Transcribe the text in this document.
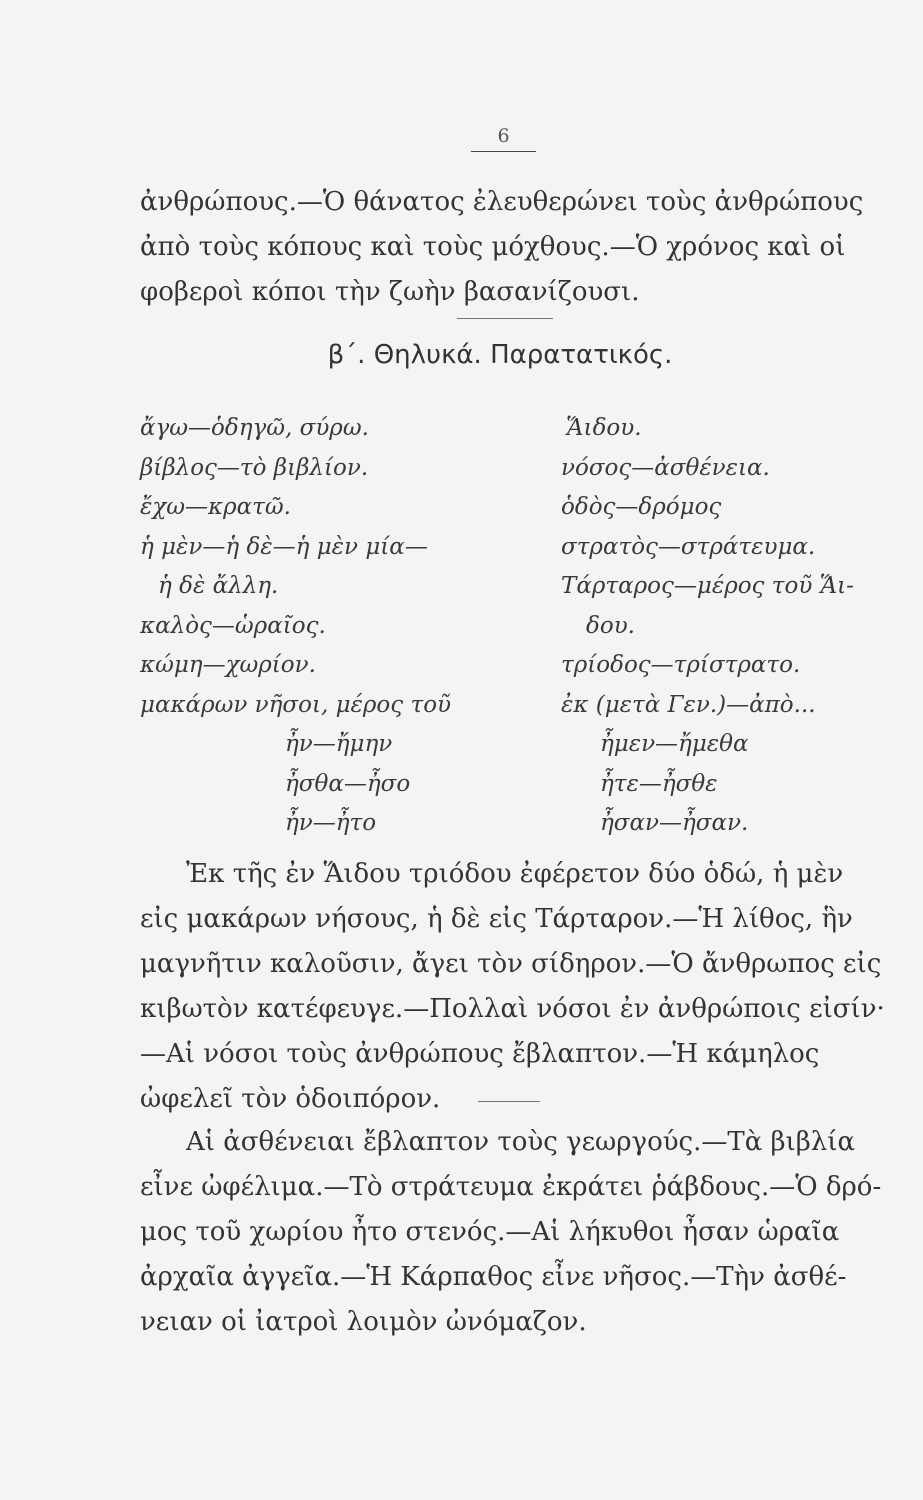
6
ἀνθρώπους.—Ὁ θάνατος ἐλευθερώνει τοὺς ἀνθρώπους
ἀπὸ τοὺς κόπους καὶ τοὺς μόχθους.—Ὁ χρόνος καὶ οἱ
φοβεροὶ κόποι τὴν ζωὴν βασανίζουσι.
β΄. Θηλυκά. Παρατατικός.
ἄγω—ὁδηγῶ, σύρω.
βίβλος—τὸ βιβλίον.
ἔχω—κρατῶ.
ἡ μὲν—ἡ δὲ—ἡ μὲν μία—
ἡ δὲ ἄλλη.
καλὸς—ὡραῖος.
κώμη—χωρίον.
μακάρων νῆσοι, μέρος τοῦ
ἦν—ἤμην
ἦσθα—ἦσο
ἦν—ἦτο
Ἅιδου.
νόσος—ἀσθένεια.
ὁδὸς—δρόμος
στρατὸς—στράτευμα.
Τάρταρος—μέρος τοῦ Ἅι-
δου.
τρίοδος—τρίστρατο.
ἐκ (μετὰ Γεν.)—ἀπὸ...
ἦμεν—ἤμεθα
ἦτε—ἦσθε
ἦσαν—ἦσαν.
Ἐκ τῆς ἐν Ἅιδου τριόδου ἐφέρετον δύο ὁδώ, ἡ μὲν
εἰς μακάρων νήσους, ἡ δὲ εἰς Τάρταρον.—Ἡ λίθος, ἣν
μαγνῆτιν καλοῦσιν, ἄγει τὸν σίδηρον.—Ὁ ἄνθρωπος εἰς
κιβωτὸν κατέφευγε.—Πολλαὶ νόσοι ἐν ἀνθρώποις εἰσίν·
—Αἱ νόσοι τοὺς ἀνθρώπους ἔβλαπτον.—Ἡ κάμηλος
ὠφελεῖ τὸν ὁδοιπόρον.
Αἱ ἀσθένειαι ἔβλαπτον τοὺς γεωργούς.—Τὰ βιβλία
εἶνε ὠφέλιμα.—Τὸ στράτευμα ἐκράτει ῥάβδους.—Ὁ δρό-
μος τοῦ χωρίου ἦτο στενός.—Αἱ λήκυθοι ἦσαν ὡραῖα
ἀρχαῖα ἀγγεῖα.—Ἡ Κάρπαθος εἶνε νῆσος.—Τὴν ἀσθέ-
νειαν οἱ ἰατροὶ λοιμὸν ὠνόμαζον.
